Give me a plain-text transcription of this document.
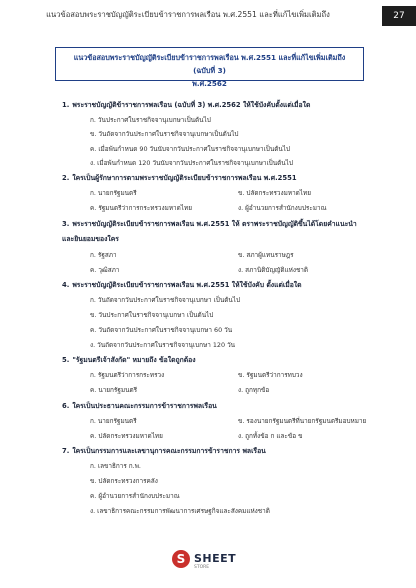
แนวข้อสอบพระราชบัญญัติระเบียบข้าราชการพลเรือน พ.ศ.2551 และที่แก้ไขเพิ่มเติมถึง	27
แนวข้อสอบพระราชบัญญัติระเบียบข้าราชการพลเรือน พ.ศ.2551 และที่แก้ไขเพิ่มเติมถึง (ฉบับที่ 3)
พ.ศ.2562
1. พระราชบัญญัติข้าราชการพลเรือน (ฉบับที่ 3) พ.ศ.2562 ให้ใช้บังคับตั้งแต่เมื่อใด
ก. วันประกาศในราชกิจจานุเบกษาเป็นต้นไป
ข. วันถัดจากวันประกาศในราชกิจจานุเบกษาเป็นต้นไป
ค. เมื่อพ้นกำหนด 90 วันนับจากวันประกาศในราชกิจจานุเบกษาเป็นต้นไป
ง. เมื่อพ้นกำหนด 120 วันนับจากวันประกาศในราชกิจจานุเบกษาเป็นต้นไป
2. ใครเป็นผู้รักษาการตามพระราชบัญญัติระเบียบข้าราชการพลเรือน พ.ศ.2551
ก. นายกรัฐมนตรี	ข. ปลัดกระทรวงมหาดไทย
ค. รัฐมนตรีว่าการกระทรวงมหาดไทย	ง. ผู้อำนวยการสำนักงบประมาณ
3. พระราชบัญญัติระเบียบข้าราชการพลเรือน พ.ศ.2551 ให้ ตราพระราชบัญญัติขึ้นได้โดยคำแนะนำ
และยินยอมของใคร
ก. รัฐสภา	ข. สภาผู้แทนราษฎร
ค. วุฒิสภา	ง. สภานิติบัญญัติแห่งชาติ
4. พระราชบัญญัติระเบียบข้าราชการพลเรือน พ.ศ.2551 ให้ใช้บังคับ ตั้งแต่เมื่อใด
ก. วันถัดจากวันประกาศในราชกิจจานุเบกษา เป็นต้นไป
ข. วันประกาศในราชกิจจานุเบกษา เป็นต้นไป
ค. วันถัดจากวันประกาศในราชกิจจานุเบกษา 60 วัน
ง. วันถัดจากวันประกาศในราชกิจจานุเบกษา 120 วัน
5. "รัฐมนตรีเจ้าสังกัด" หมายถึง ข้อใดถูกต้อง
ก. รัฐมนตรีว่าการกระทรวง	ข. รัฐมนตรีว่าการทบวง
ค. นายกรัฐมนตรี	ง. ถูกทุกข้อ
6. ใครเป็นประธานคณะกรรมการข้าราชการพลเรือน
ก. นายกรัฐมนตรี	ข. รองนายกรัฐมนตรีที่นายกรัฐมนตรีมอบหมาย
ค. ปลัดกระทรวงมหาดไทย	ง. ถูกทั้งข้อ ก และข้อ ข
7. ใครเป็นกรรมการและเลขานุการคณะกรรมการข้าราชการ พลเรือน
ก. เลขาธิการ ก.พ.
ข. ปลัดกระทรวงการคลัง
ค. ผู้อำนวยการสำนักงบประมาณ
ง. เลขาธิการคณะกรรมการพัฒนาการเศรษฐกิจและสังคมแห่งชาติ
S SHEET
STORE
